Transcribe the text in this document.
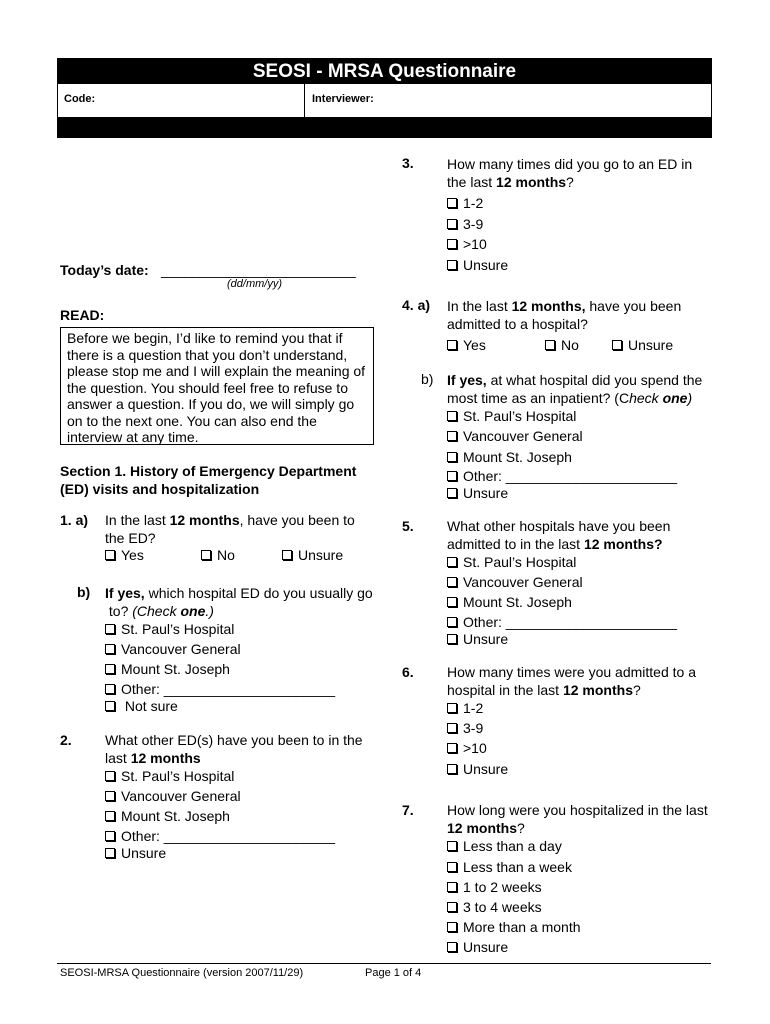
SEOSI - MRSA Questionnaire
Code:	Interviewer:
Today’s date: _________________________
(dd/mm/yy)
READ:
Before we begin, I’d like to remind you that if
there is a question that you don’t understand,
please stop me and I will explain the meaning of
the question. You should feel free to refuse to
answer a question. If you do, we will simply go
on to the next one. You can also end the
interview at any time.
Section 1. History of Emergency Department
(ED) visits and hospitalization
1. a) In the last 12 months, have you been to
the ED?
Yes	No	Unsure
b) If yes, which hospital ED do you usually go
to? (Check one.)
St. Paul’s Hospital
Vancouver General
Mount St. Joseph
Other: ______________________
Not sure
2. What other ED(s) have you been to in the
last 12 months
St. Paul’s Hospital
Vancouver General
Mount St. Joseph
Other: ______________________
Unsure
3. How many times did you go to an ED in
the last 12 months?
1-2
3-9
>10
Unsure
4. a) In the last 12 months, have you been
admitted to a hospital?
Yes	No	Unsure
b) If yes, at what hospital did you spend the
most time as an inpatient? (Check one)
St. Paul’s Hospital
Vancouver General
Mount St. Joseph
Other: ______________________
Unsure
5. What other hospitals have you been
admitted to in the last 12 months?
St. Paul’s Hospital
Vancouver General
Mount St. Joseph
Other: ______________________
Unsure
6. How many times were you admitted to a
hospital in the last 12 months?
1-2
3-9
>10
Unsure
7. How long were you hospitalized in the last
12 months?
Less than a day
Less than a week
1 to 2 weeks
3 to 4 weeks
More than a month
Unsure
SEOSI-MRSA Questionnaire (version 2007/11/29)	Page 1 of 4
